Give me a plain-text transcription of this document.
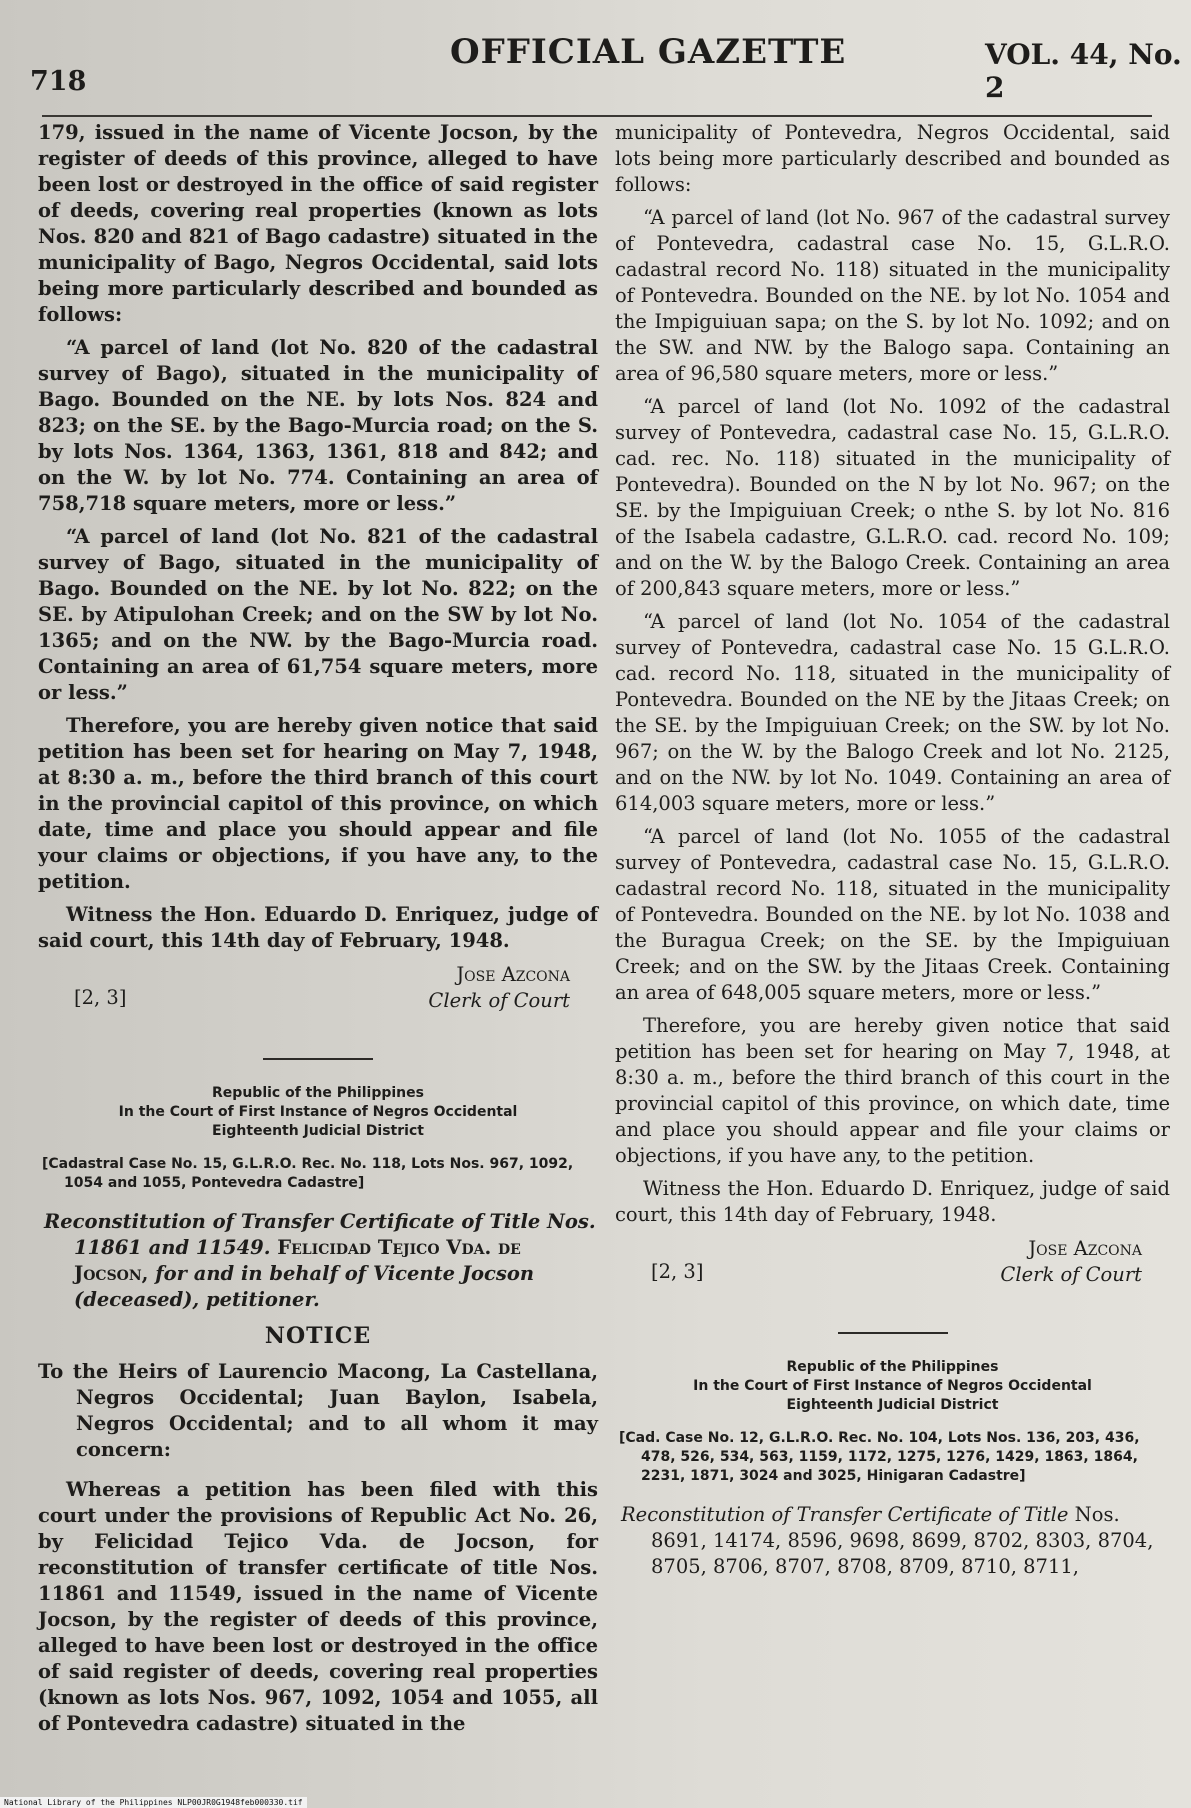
718
OFFICIAL GAZETTE	VOL. 44, No. 2

179, issued in the name of Vicente Jocson, by the register of deeds of this province, alleged to have been lost or destroyed in the office of said register of deeds, covering real properties (known as lots Nos. 820 and 821 of Bago cadastre) situated in the municipality of Bago, Negros Occidental, said lots being more particularly described and bounded as follows:

“A parcel of land (lot No. 820 of the cadastral survey of Bago), situated in the municipality of Bago. Bounded on the NE. by lots Nos. 824 and 823; on the SE. by the Bago-Murcia road; on the S. by lots Nos. 1364, 1363, 1361, 818 and 842; and on the W. by lot No. 774. Containing an area of 758,718 square meters, more or less.”

“A parcel of land (lot No. 821 of the cadastral survey of Bago, situated in the municipality of Bago. Bounded on the NE. by lot No. 822; on the SE. by Atipulohan Creek; and on the SW by lot No. 1365; and on the NW. by the Bago-Murcia road. Containing an area of 61,754 square meters, more or less.”

Therefore, you are hereby given notice that said petition has been set for hearing on May 7, 1948, at 8:30 a. m., before the third branch of this court in the provincial capitol of this province, on which date, time and place you should appear and file your claims or objections, if you have any, to the petition.

Witness the Hon. Eduardo D. Enriquez, judge of said court, this 14th day of February, 1948.

Jose Azcona
Clerk of Court
[2, 3]
Republic of the Philippines
In the Court of First Instance of Negros Occidental
Eighteenth Judicial District

[Cadastral Case No. 15, G.L.R.O. Rec. No. 118, Lots Nos. 967, 1092, 1054 and 1055, Pontevedra Cadastre]

Reconstitution of Transfer Certificate of Title Nos. 11861 and 11549. Felicidad Tejico Vda. de Jocson, for and in behalf of Vicente Jocson (deceased), petitioner.

NOTICE

To the Heirs of Laurencio Macong, La Castellana, Negros Occidental; Juan Baylon, Isabela, Negros Occidental; and to all whom it may concern:

Whereas a petition has been filed with this court under the provisions of Republic Act No. 26, by Felicidad Tejico Vda. de Jocson, for reconstitution of transfer certificate of title Nos. 11861 and 11549, issued in the name of Vicente Jocson, by the register of deeds of this province, alleged to have been lost or destroyed in the office of said register of deeds, covering real properties (known as lots Nos. 967, 1092, 1054 and 1055, all of Pontevedra cadastre) situated in the

municipality of Pontevedra, Negros Occidental, said lots being more particularly described and bounded as follows:

“A parcel of land (lot No. 967 of the cadastral survey of Pontevedra, cadastral case No. 15, G.L.R.O. cadastral record No. 118) situated in the municipality of Pontevedra. Bounded on the NE. by lot No. 1054 and the Impiguiuan sapa; on the S. by lot No. 1092; and on the SW. and NW. by the Balogo sapa. Containing an area of 96,580 square meters, more or less.”

“A parcel of land (lot No. 1092 of the cadastral survey of Pontevedra, cadastral case No. 15, G.L.R.O. cad. rec. No. 118) situated in the municipality of Pontevedra). Bounded on the N by lot No. 967; on the SE. by the Impiguiuan Creek; o nthe S. by lot No. 816 of the Isabela cadastre, G.L.R.O. cad. record No. 109; and on the W. by the Balogo Creek. Containing an area of 200,843 square meters, more or less.”

“A parcel of land (lot No. 1054 of the cadastral survey of Pontevedra, cadastral case No. 15 G.L.R.O. cad. record No. 118, situated in the municipality of Pontevedra. Bounded on the NE by the Jitaas Creek; on the SE. by the Impiguiuan Creek; on the SW. by lot No. 967; on the W. by the Balogo Creek and lot No. 2125, and on the NW. by lot No. 1049. Containing an area of 614,003 square meters, more or less.”

“A parcel of land (lot No. 1055 of the cadastral survey of Pontevedra, cadastral case No. 15, G.L.R.O. cadastral record No. 118, situated in the municipality of Pontevedra. Bounded on the NE. by lot No. 1038 and the Buragua Creek; on the SE. by the Impiguiuan Creek; and on the SW. by the Jitaas Creek. Containing an area of 648,005 square meters, more or less.”

Therefore, you are hereby given notice that said petition has been set for hearing on May 7, 1948, at 8:30 a. m., before the third branch of this court in the provincial capitol of this province, on which date, time and place you should appear and file your claims or objections, if you have any, to the petition.

Witness the Hon. Eduardo D. Enriquez, judge of said court, this 14th day of February, 1948.

Jose Azcona
Clerk of Court
[2, 3]
Republic of the Philippines
In the Court of First Instance of Negros Occidental
Eighteenth Judicial District

[Cad. Case No. 12, G.L.R.O. Rec. No. 104, Lots Nos. 136, 203, 436, 478, 526, 534, 563, 1159, 1172, 1275, 1276, 1429, 1863, 1864, 2231, 1871, 3024 and 3025, Hinigaran Cadastre]

Reconstitution of Transfer Certificate of Title Nos. 8691, 14174, 8596, 9698, 8699, 8702, 8303, 8704, 8705, 8706, 8707, 8708, 8709, 8710, 8711,

National Library of the Philippines NLP00JR0G1948feb000330.tif
